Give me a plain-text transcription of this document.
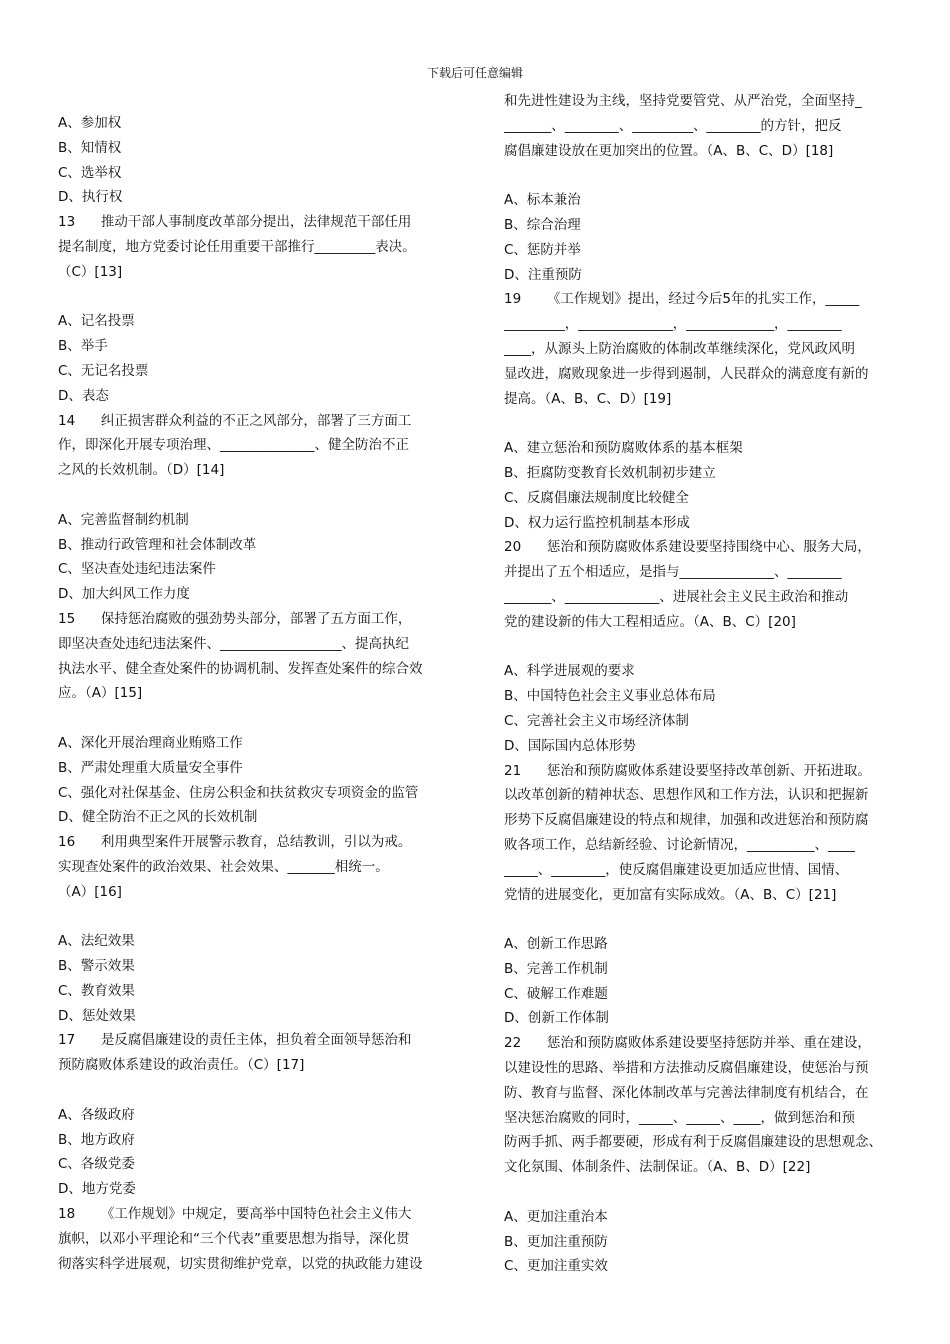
下载后可任意编辑
A、参加权
B、知情权
C、选举权
D、执行权
13      推动干部人事制度改革部分提出，法律规范干部任用
提名制度，地方党委讨论任用重要干部推行_________表决。
（C）[13]
A、记名投票
B、举手
C、无记名投票
D、表态
14      纠正损害群众利益的不正之风部分，部署了三方面工
作，即深化开展专项治理、______________、健全防治不正
之风的长效机制。（D）[14]
A、完善监督制约机制
B、推动行政管理和社会体制改革
C、坚决查处违纪违法案件
D、加大纠风工作力度
15      保持惩治腐败的强劲势头部分，部署了五方面工作，
即坚决查处违纪违法案件、__________________、提高执纪
执法水平、健全查处案件的协调机制、发挥查处案件的综合效
应。（A）[15]
A、深化开展治理商业贿赂工作
B、严肃处理重大质量安全事件
C、强化对社保基金、住房公积金和扶贫救灾专项资金的监管
D、健全防治不正之风的长效机制
16      利用典型案件开展警示教育，总结教训，引以为戒。
实现查处案件的政治效果、社会效果、_______相统一。
（A）[16]
A、法纪效果
B、警示效果
C、教育效果
D、惩处效果
17      是反腐倡廉建设的责任主体，担负着全面领导惩治和
预防腐败体系建设的政治责任。（C）[17]
A、各级政府
B、地方政府
C、各级党委
D、地方党委
18      《工作规划》中规定，要高举中国特色社会主义伟大
旗帜，以邓小平理论和“三个代表”重要思想为指导，深化贯
彻落实科学进展观，切实贯彻维护党章，以党的执政能力建设
和先进性建设为主线，坚持党要管党、从严治党，全面坚持_
_______、________、_________、________的方针，把反
腐倡廉建设放在更加突出的位置。（A、B、C、D）[18]
A、标本兼治
B、综合治理
C、惩防并举
D、注重预防
19      《工作规划》提出，经过今后5年的扎实工作，_____
_________，______________，_____________，________
____，从源头上防治腐败的体制改革继续深化，党风政风明
显改进，腐败现象进一步得到遏制，人民群众的满意度有新的
提高。（A、B、C、D）[19]
A、建立惩治和预防腐败体系的基本框架
B、拒腐防变教育长效机制初步建立
C、反腐倡廉法规制度比较健全
D、权力运行监控机制基本形成
20      惩治和预防腐败体系建设要坚持围绕中心、服务大局，
并提出了五个相适应，是指与______________、________
_______、______________、进展社会主义民主政治和推动
党的建设新的伟大工程相适应。（A、B、C）[20]
A、科学进展观的要求
B、中国特色社会主义事业总体布局
C、完善社会主义市场经济体制
D、国际国内总体形势
21      惩治和预防腐败体系建设要坚持改革创新、开拓进取。
以改革创新的精神状态、思想作风和工作方法，认识和把握新
形势下反腐倡廉建设的特点和规律，加强和改进惩治和预防腐
败各项工作，总结新经验、讨论新情况，__________、____
_____、________，使反腐倡廉建设更加适应世情、国情、
党情的进展变化，更加富有实际成效。（A、B、C）[21]
A、创新工作思路
B、完善工作机制
C、破解工作难题
D、创新工作体制
22      惩治和预防腐败体系建设要坚持惩防并举、重在建设，
以建设性的思路、举措和方法推动反腐倡廉建设，使惩治与预
防、教育与监督、深化体制改革与完善法律制度有机结合，在
坚决惩治腐败的同时，_____、_____、____，做到惩治和预
防两手抓、两手都要硬，形成有利于反腐倡廉建设的思想观念、
文化氛围、体制条件、法制保证。（A、B、D）[22]
A、更加注重治本
B、更加注重预防
C、更加注重实效
